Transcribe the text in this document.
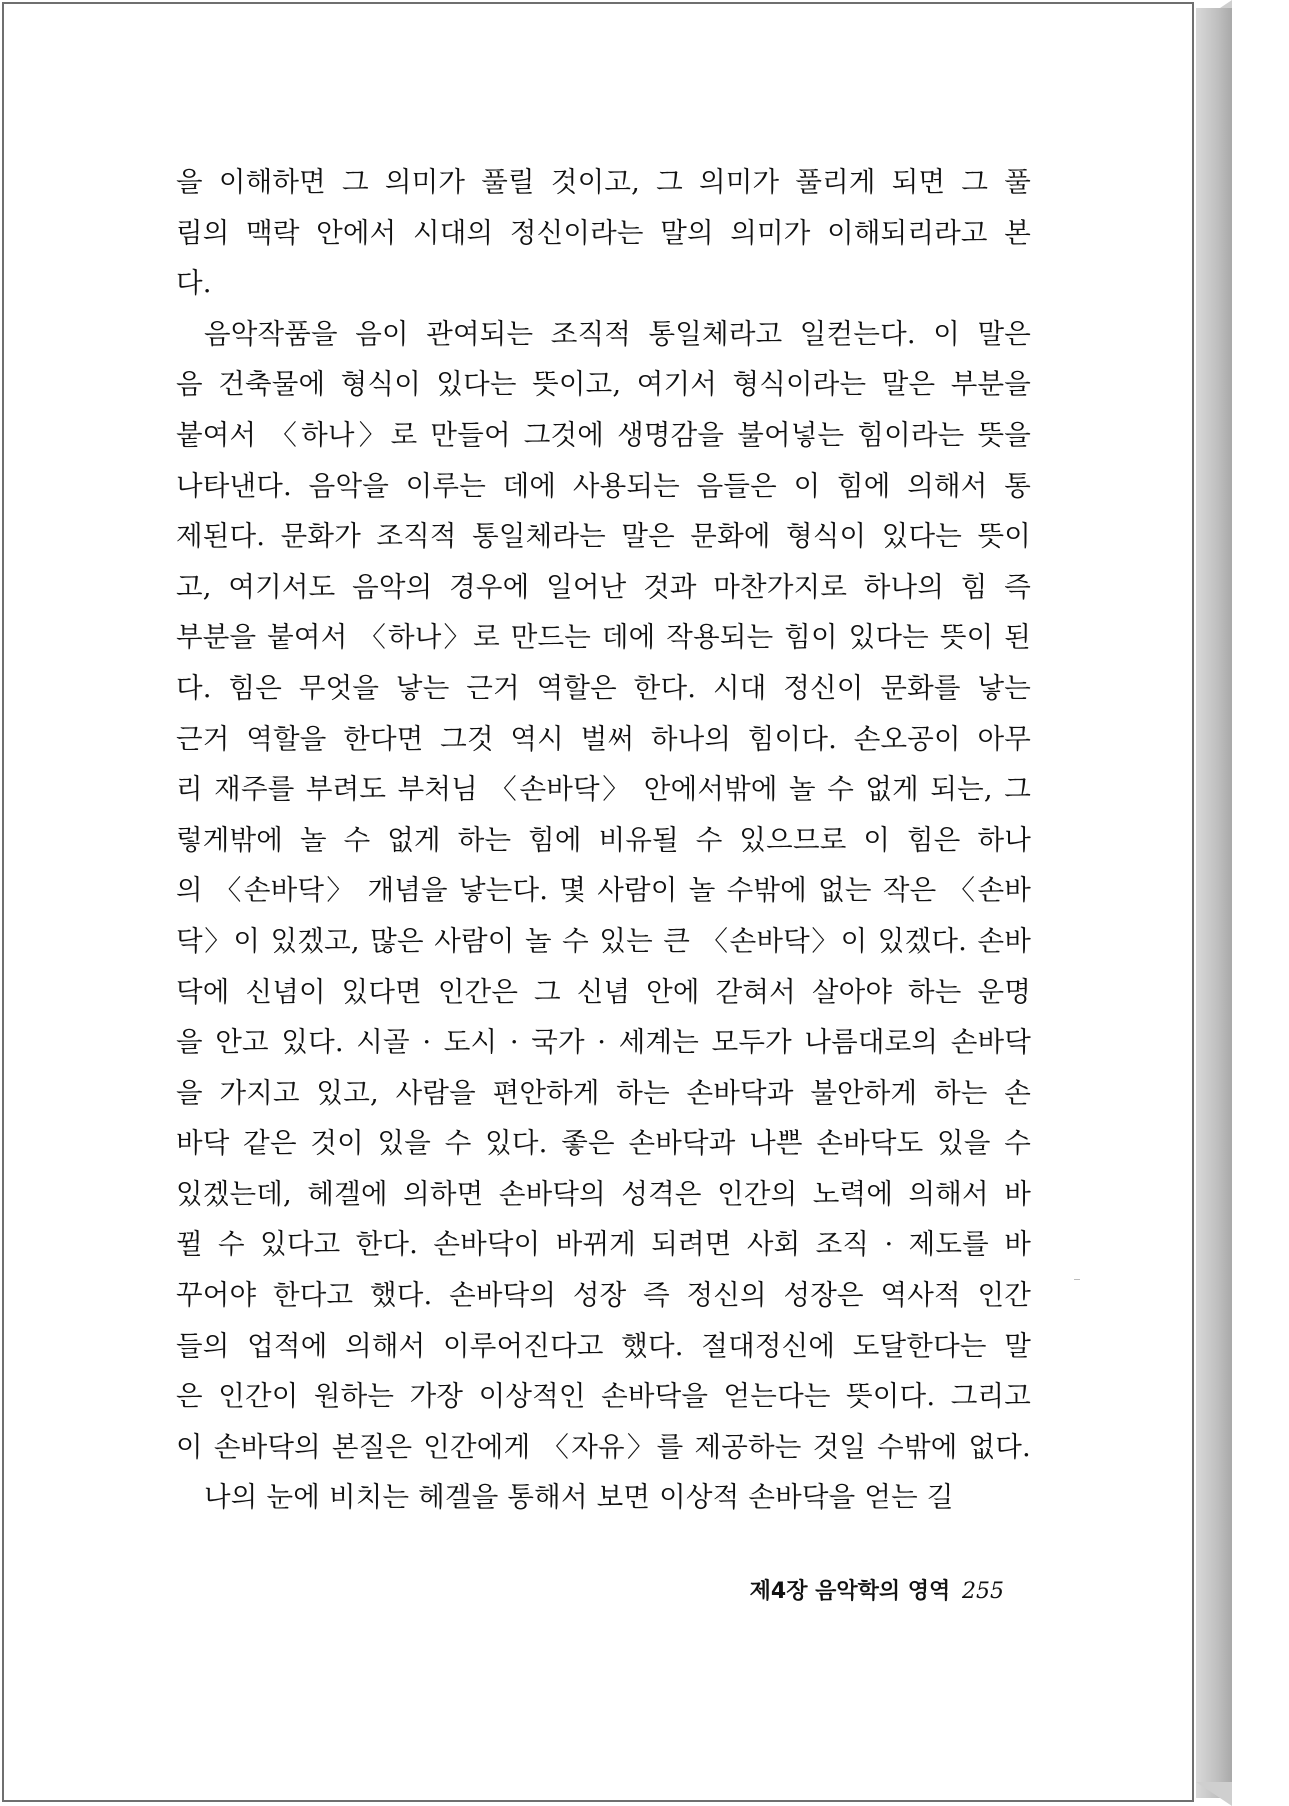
을 이해하면 그 의미가 풀릴 것이고, 그 의미가 풀리게 되면 그 풀
림의 맥락 안에서 시대의 정신이라는 말의 의미가 이해되리라고 본
다.
음악작품을 음이 관여되는 조직적 통일체라고 일컫는다. 이 말은
음 건축물에 형식이 있다는 뜻이고, 여기서 형식이라는 말은 부분을
붙여서 〈하나〉로 만들어 그것에 생명감을 불어넣는 힘이라는 뜻을
나타낸다. 음악을 이루는 데에 사용되는 음들은 이 힘에 의해서 통
제된다. 문화가 조직적 통일체라는 말은 문화에 형식이 있다는 뜻이
고, 여기서도 음악의 경우에 일어난 것과 마찬가지로 하나의 힘 즉
부분을 붙여서 〈하나〉로 만드는 데에 작용되는 힘이 있다는 뜻이 된
다. 힘은 무엇을 낳는 근거 역할은 한다. 시대 정신이 문화를 낳는
근거 역할을 한다면 그것 역시 벌써 하나의 힘이다. 손오공이 아무
리 재주를 부려도 부처님 〈손바닥〉 안에서밖에 놀 수 없게 되는, 그
렇게밖에 놀 수 없게 하는 힘에 비유될 수 있으므로 이 힘은 하나
의 〈손바닥〉 개념을 낳는다. 몇 사람이 놀 수밖에 없는 작은 〈손바
닥〉이 있겠고, 많은 사람이 놀 수 있는 큰 〈손바닥〉이 있겠다. 손바
닥에 신념이 있다면 인간은 그 신념 안에 갇혀서 살아야 하는 운명
을 안고 있다. 시골 · 도시 · 국가 · 세계는 모두가 나름대로의 손바닥
을 가지고 있고, 사람을 편안하게 하는 손바닥과 불안하게 하는 손
바닥 같은 것이 있을 수 있다. 좋은 손바닥과 나쁜 손바닥도 있을 수
있겠는데, 헤겔에 의하면 손바닥의 성격은 인간의 노력에 의해서 바
뀔 수 있다고 한다. 손바닥이 바뀌게 되려면 사회 조직 · 제도를 바
꾸어야 한다고 했다. 손바닥의 성장 즉 정신의 성장은 역사적 인간
들의 업적에 의해서 이루어진다고 했다. 절대정신에 도달한다는 말
은 인간이 원하는 가장 이상적인 손바닥을 얻는다는 뜻이다. 그리고
이 손바닥의 본질은 인간에게 〈자유〉를 제공하는 것일 수밖에 없다.
나의 눈에 비치는 헤겔을 통해서 보면 이상적 손바닥을 얻는 길
제4장 음악학의 영역 255
